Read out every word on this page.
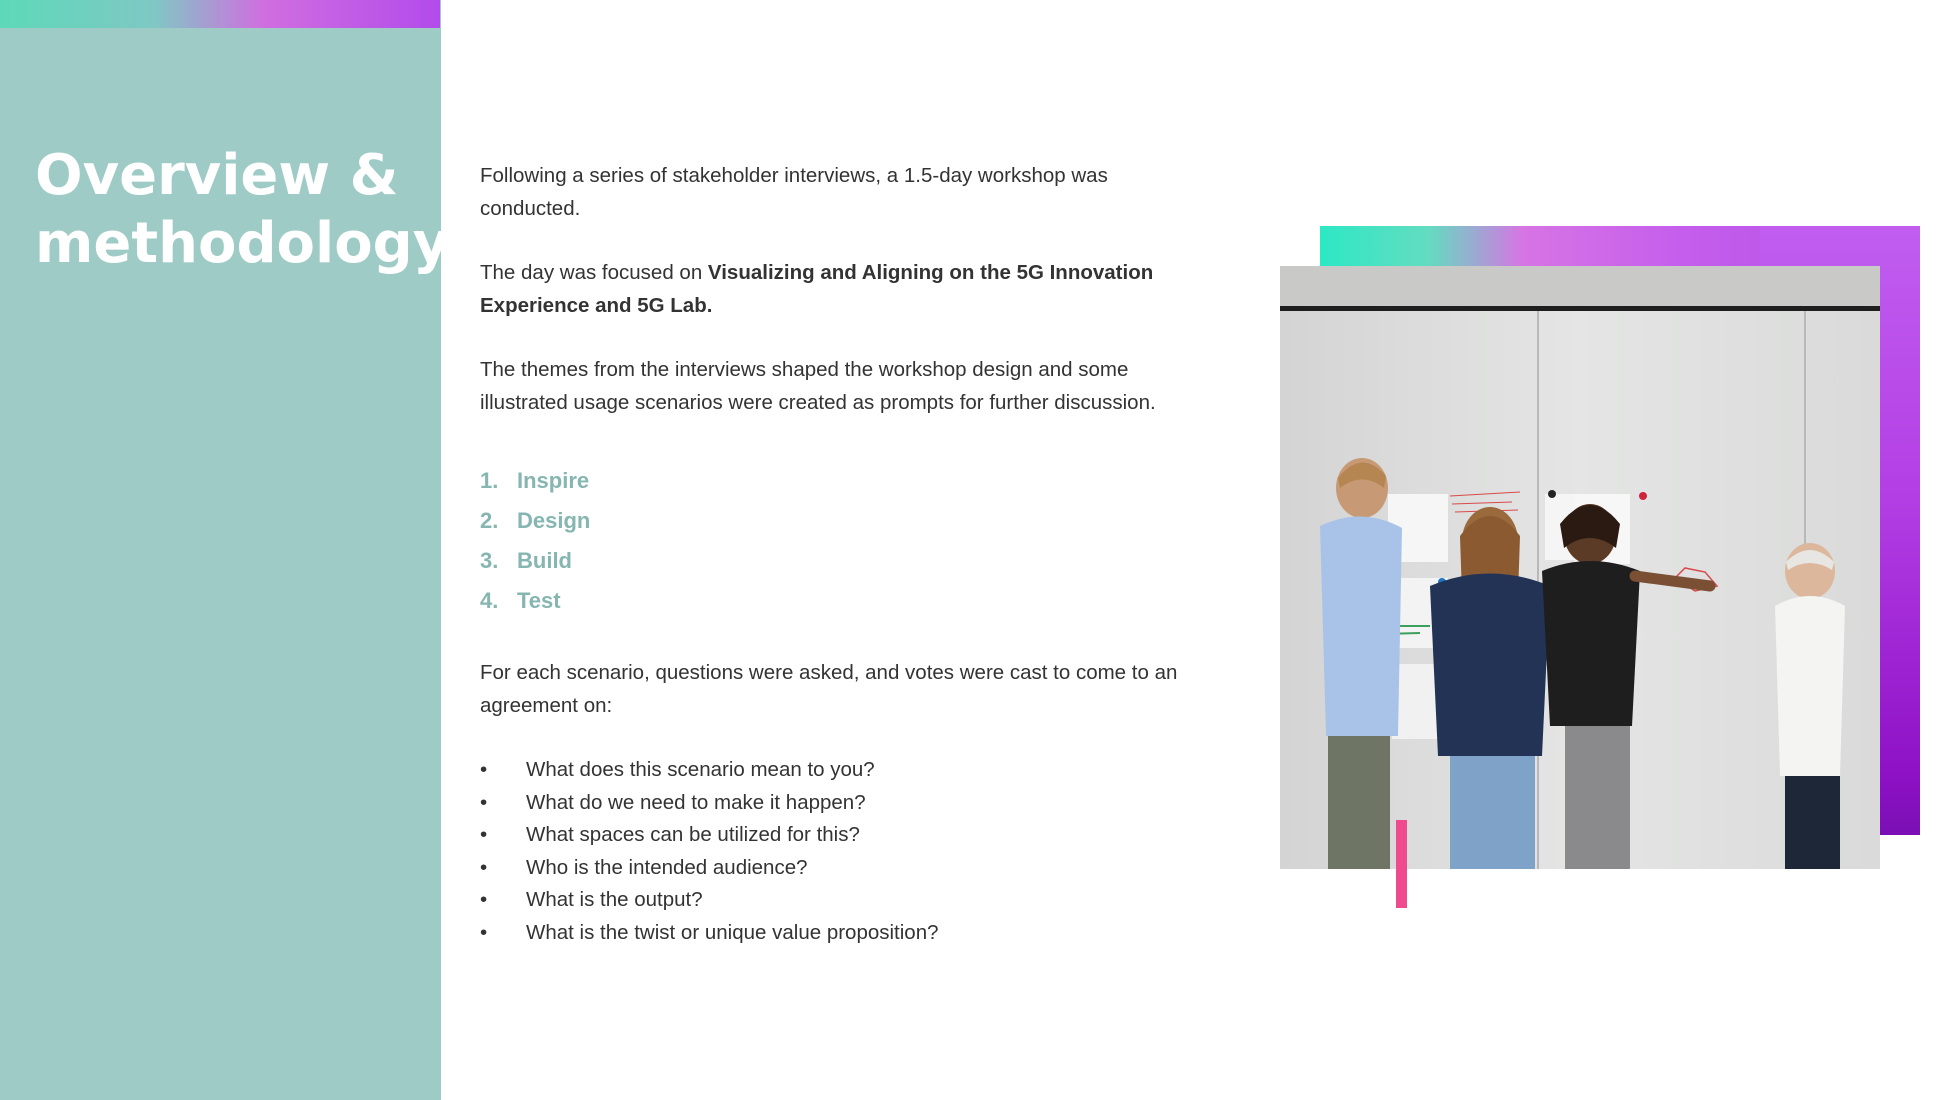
Overview & methodology

Following a series of stakeholder interviews, a 1.5-day workshop was conducted.

The day was focused on Visualizing and Aligning on the 5G Innovation Experience and 5G Lab.

The themes from the interviews shaped the workshop design and some illustrated usage scenarios were created as prompts for further discussion.

1. Inspire
2. Design
3. Build
4. Test

For each scenario, questions were asked, and votes were cast to come to an agreement on:

•	What does this scenario mean to you?
•	What do we need to make it happen?
•	What spaces can be utilized for this?
•	Who is the intended audience?
•	What is the output?
•	What is the twist or unique value proposition?
